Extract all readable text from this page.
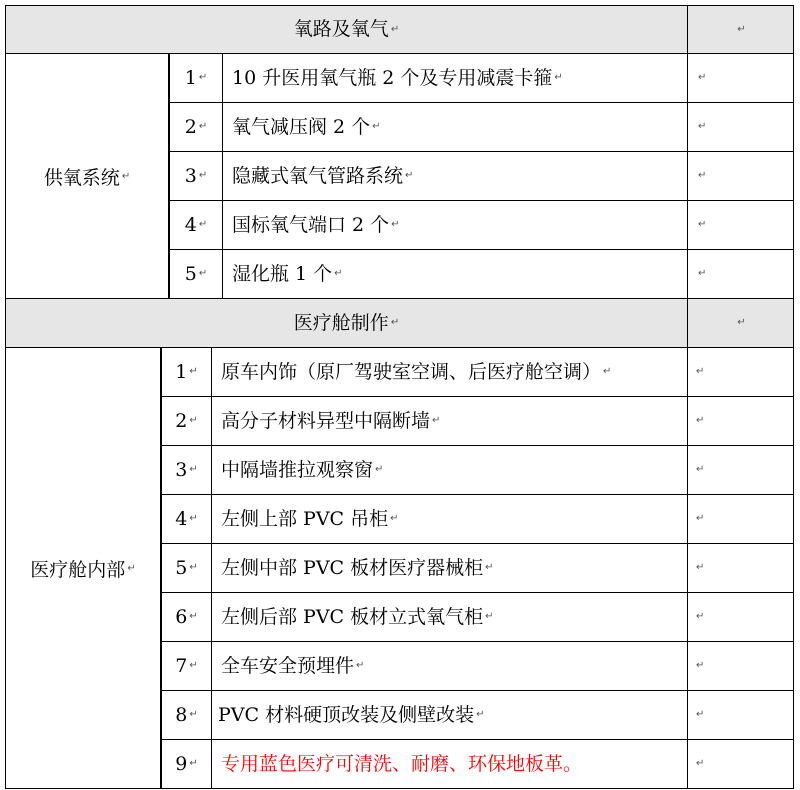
氧路及氧气 ↵	↵
供氧系统 ↵
1 ↵ 10 升医用氧气瓶 2 个及专用减震卡箍 ↵	↵
2 ↵ 氧气减压阀 2 个 ↵	↵
3 ↵ 隐藏式氧气管路系统 ↵	↵
4 ↵ 国标氧气端口 2 个 ↵	↵
5 ↵ 湿化瓶 1 个 ↵	↵
医疗舱制作 ↵	↵
医疗舱内部 ↵
1 ↵ 原车内饰（原厂驾驶室空调、后医疗舱空调） ↵	↵
2 ↵ 高分子材料异型中隔断墙 ↵	↵
3 ↵ 中隔墙推拉观察窗 ↵	↵
4 ↵ 左侧上部 PVC 吊柜 ↵	↵
5 ↵ 左侧中部 PVC 板材医疗器械柜 ↵	↵
6 ↵ 左侧后部 PVC 板材立式氧气柜 ↵	↵
7 ↵ 全车安全预埋件 ↵	↵
8 ↵ PVC 材料硬顶改装及侧壁改装 ↵	↵
9 ↵ 专用蓝色医疗可清洗、耐磨、环保地板革。	↵
